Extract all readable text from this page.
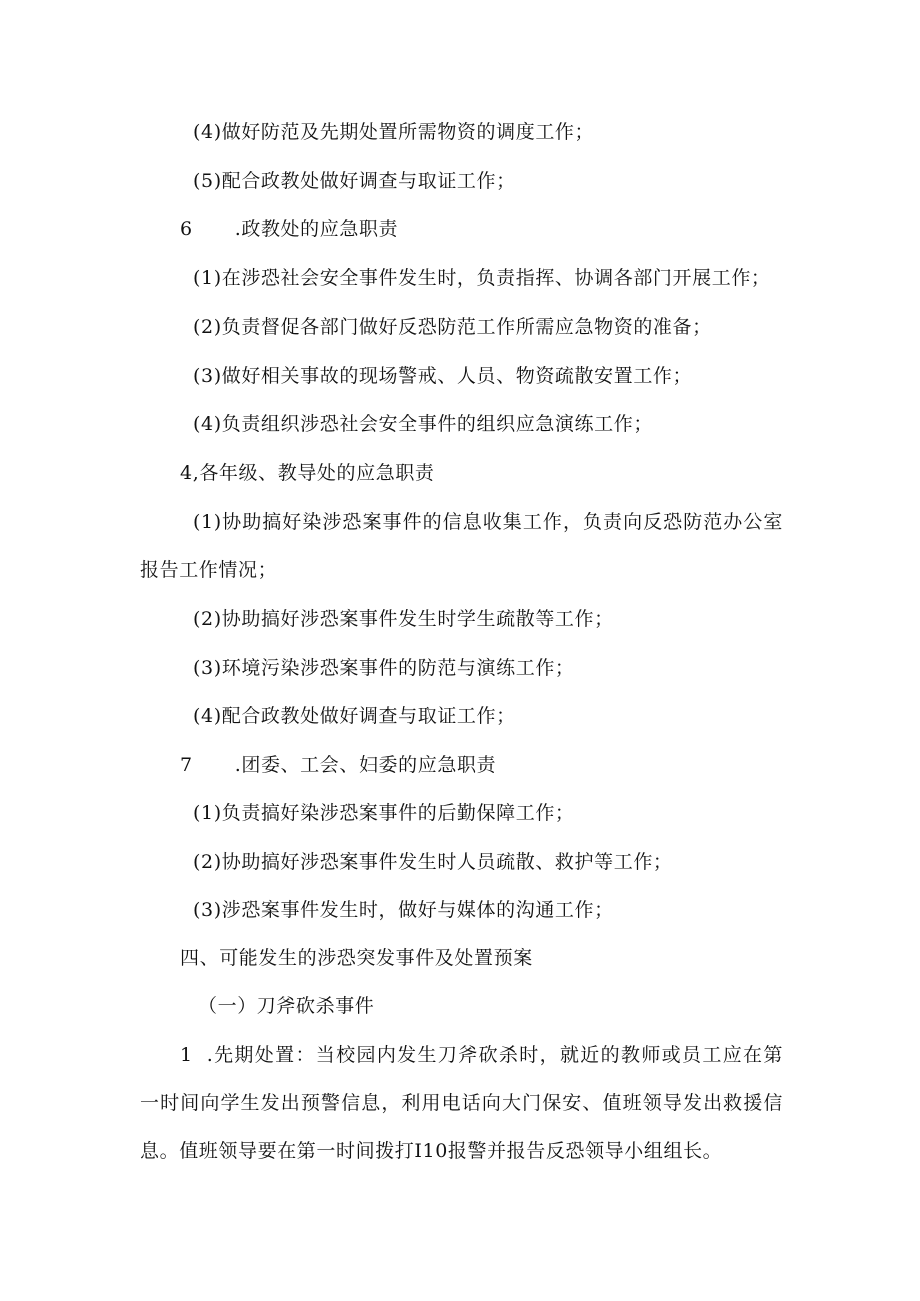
(4)做好防范及先期处置所需物资的调度工作；

(5)配合政教处做好调查与取证工作；

6 .政教处的应急职责

(1)在涉恐社会安全事件发生时，负责指挥、协调各部门开展工作；

(2)负责督促各部门做好反恐防范工作所需应急物资的准备；

(3)做好相关事故的现场警戒、人员、物资疏散安置工作；

(4)负责组织涉恐社会安全事件的组织应急演练工作；

4,各年级、教导处的应急职责

(1)协助搞好染涉恐案事件的信息收集工作，负责向反恐防范办公室

报告工作情况；

(2)协助搞好涉恐案事件发生时学生疏散等工作；

(3)环境污染涉恐案事件的防范与演练工作；

(4)配合政教处做好调查与取证工作；

7 .团委、工会、妇委的应急职责

(1)负责搞好染涉恐案事件的后勤保障工作；

(2)协助搞好涉恐案事件发生时人员疏散、救护等工作；

(3)涉恐案事件发生时，做好与媒体的沟通工作；

四、可能发生的涉恐突发事件及处置预案

（一）刀斧砍杀事件

1 .先期处置：当校园内发生刀斧砍杀时，就近的教师或员工应在第

一时间向学生发出预警信息，利用电话向大门保安、值班领导发出救援信

息。值班领导要在第一时间拨打I10报警并报告反恐领导小组组长。
